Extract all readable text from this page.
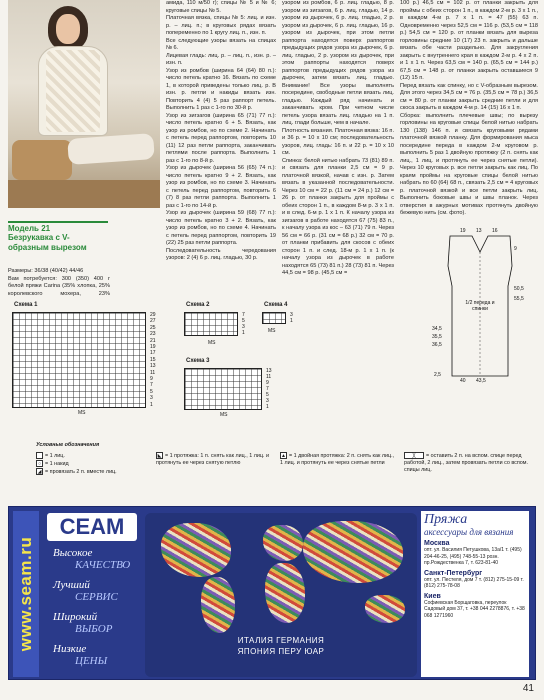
Модель 21
Безрукавка с V-образным вырезом

Размеры: 36/38 (40/42) 44/46

Вам потребуется: 300 (350) 400 г белой пряжи Carina (35% хлопка, 25% королевского мохера, 23%

амида, 110 м/50 г); спицы № 5 и № 6; круговые спицы № 5.

Платочная вязка, спицы № 5: лиц. и изн. р. – лиц. п.; в круговых рядах вязать попеременно по 1 кругу лиц. п., изн. п.

Все следующие узоры вязать на спицах № 6.

Лицевая гладь: лиц. р. – лиц. п., изн. р. – изн. п.

Узор из ромбов (ширина 64 (64) 80 п.): число петель кратно 16. Вязать по схеме 1, в которой приведены только лиц. р. В изн. р. петли и накиды вязать изн. Повторить 4 (4) 5 раз раппорт петель. Выполнить 1 раз с 1-го по 30-й р.

Узор из зигзагов (ширина 65 (71) 77 п.): число петель кратно 6 + 5. Вязать, как узор из ромбов, но по схеме 2. Начинать с петель перед раппортом, повторить 10 (11) 12 раз петли раппорта, заканчивать петлями после раппорта. Выполнить 1 раз с 1-го по 8-й р.

Узор из дырочек (ширина 56 (65) 74 п.): число петель кратно 9 + 2. Вязать, как узор из ромбов, но по схеме 3. Начинать с петель перед раппортом, повторить 6 (7) 8 раз петли раппорта. Выполнить 1 раз с 1-го по 14-й р.

Узор из дырочек (ширина 59 (68) 77 п.): число петель кратно 3 + 2. Вязать, как узор из ромбов, но по схеме 4. Начинать с петель перед раппортом, повторить 19 (22) 25 раз петли раппорта.

Последовательность чередования узоров: 2 (4) 6 р. лиц. гладью, 30 р.

узором из ромбов, 6 р. лиц. гладью, 8 р. узором из зигзагов, 6 р. лиц. гладью, 14 р. узором из дырочек, 6 р. лиц. гладью, 2 р. узором из дырочек, 6 р. лиц. гладью, 16 р. узором из дырочек, при этом петли раппорта находятся поверх раппортов предыдущих рядов узора из дырочек, 6 р. лиц. гладью, 2 р. узором из дырочек, при этом раппорты находятся поверх раппортов предыдущих рядов узора из дырочек, затем вязать лиц. гладью. Внимание! Все узоры выполнять посередине, свободные петли вязать лиц. гладью. Каждый ряд начинать и заканчивать кром. При четном числе петель узора вязать лиц. гладью на 1 п. лиц. глади больше, чем в начале.

Плотность вязания. Платочная вязка: 16 п. и 36 р. = 10 х 10 см; последовательность узоров, лиц. гладь: 16 п. и 22 р. = 10 х 10 см.

Спинка: белой нитью набрать 73 (81) 89 п. и связать для планки 2,5 см = 9 р. платочной вязкой, начав с изн. р. Затем вязать в указанной последовательности. Через 10 см = 22 р. (11 см = 24 р.) 12 см = 26 р. от планки закрыть для проймы с обеих сторон 1 п., в каждом 8-м р. 3 х 1 п. и в след. 6-м р. 1 х 1 п. К началу узора из зигзагов в работе находятся 67 (75) 83 п., к началу узора из кос – 63 (71) 79 п. Через 56 см = 66 р. (31 см = 68 р.) 32 см = 70 р. от планки прибавить для скосов с обеих сторон 1 п. и след. 18-м р. 1 х 1 п. (к началу узора из дырочек в работе находятся 65 (73) 81 п.) 28 (73) 81 п. Через 44,5 см = 98 р. (45,5 см =

100 р.) 46,5 см = 102 р. от планки закрыть для проймы с обеих сторон 1 п., в каждом 2-м р. 3 х 1 п., в каждом 4-м р. 7 х 1 п. = 47 (55) 63 п. Одновременно через 52,5 см = 116 р. (53,5 см = 118 р.) 54,5 см = 120 р. от планки вязать для выреза горловины средние 10 (17) 23 п. закрыть и дальше вязать обе части раздельно. Для закругления закрыть с внутреннего края в каждом 2-м р. 4 х 2 п. и 1 х 1 п. Через 63,5 см = 140 р. (65,5 см = 144 р.) 67,5 см = 148 р. от планки закрыть оставшиеся 9 (12) 15 п.

Перед вязать как спинку, но с V-образным вырезом. Для этого через 34,5 см = 76 р. (35,5 см = 78 р.) 36,5 см = 80 р. от планки закрыть средние петли и для скоса закрыть в каждом 4-м р. 14 (15) 16 х 1 п.

Сборка: выполнить плечевые швы; по вырезу горловины на круговые спицы белой нитью набрать 130 (138) 146 п. и связать круговыми рядами платочной вязкой планку. Для формирования мыса посередине переда в каждом 2-м круговом р. выполнить 5 раз 1 двойную протяжку (2 п. снять как лиц., 1 лиц. и протянуть ее через снятые петли). Через 10 круговых р. все петли закрыть как лиц. По краям проймы на круговые спицы белой нитью набрать по 60 (64) 68 п., связать 2,5 см = 4 круговых р. платочной вязкой и все петли закрыть лиц. Выполнить боковые швы и швы планок. Через отверстия в ажурных мотивах протянуть двойную бежевую нить (см. фото).

1/2 переда и спинки
19 13 16
9
34,5
35,5
36,5
2,5
40 43,5
50,5
55,5
Схема 1
29
27
25
23
21
19
17
15
13
11
9
7
5
3
1
MS
Схема 2
7
5
3
1
MS
Схема 4
3
1
MS
Схема 3
13
11
9
7
5
3
1
MS
Условные обозначения
= 1 лиц.
○ = 1 накид
◢ = провязать 2 п. вместе лиц.
◣ = 1 протяжка: 1 п. снять как лиц., 1 лиц. и протянуть ее через снятую петлю
▲ = 1 двойная протяжка: 2 п. снять как лиц., 1 лиц. и протянуть ее через снятые петли
╳ = оставить 2 п. на вспом. спице перед работой, 2 лиц., затем провязать петли со вспом. спицы лиц.
www.seam.ru
СЕАМ
Высокое
КАЧЕСТВО
Лучший
СЕРВИС
Широкий
ВЫБОР
Низкие
ЦЕНЫ
ИТАЛИЯ ГЕРМАНИЯ
ЯПОНИЯ ПЕРУ ЮАР
Пряжа
аксессуары для вязания
Москва
опт. ул. Василия Петушкова, 13а/1 т. (495) 204-46-25, (495) 748-55-13 розн. пр.Рождественка 7, т. 623-81-40
Санкт-Петербург
опт. ул. Пестеля, дом 7 т. (812) 275-15-09 т. (812) 275-78-08
Киев
Софиевская Борщаговка, переулок Садовый дом 37, т. +38 044 2278876, т. +38 068 1271960
РЕКЛАМА
41
